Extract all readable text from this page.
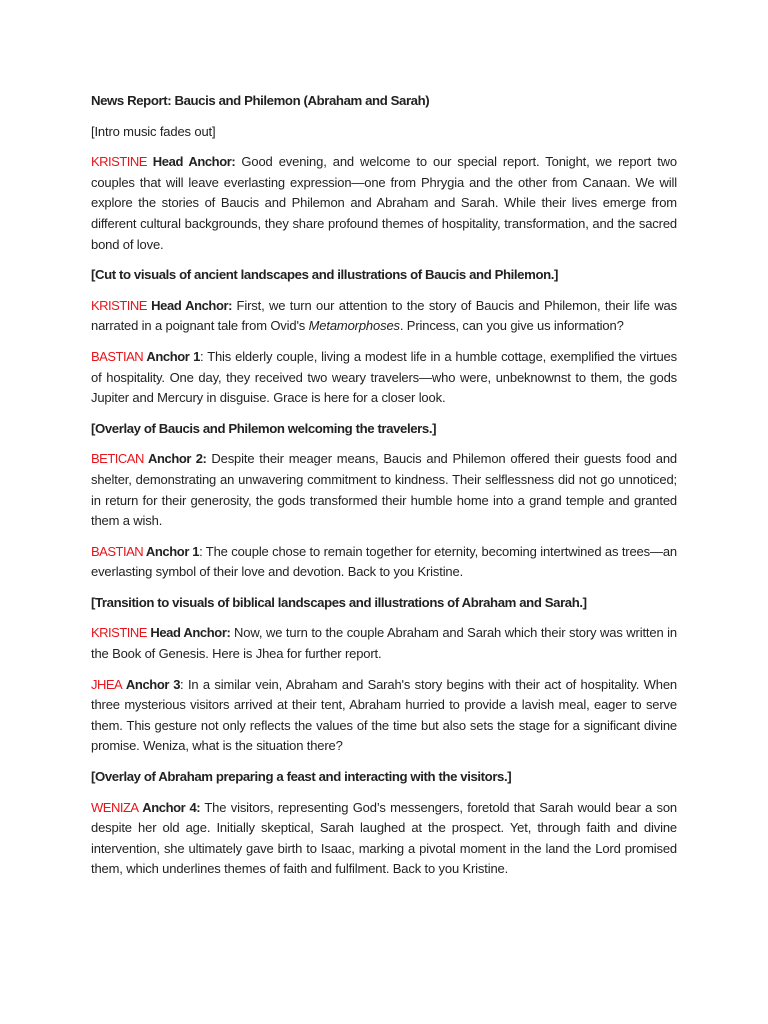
News Report: Baucis and Philemon (Abraham and Sarah)

[Intro music fades out]

KRISTINE Head Anchor: Good evening, and welcome to our special report. Tonight, we report two couples that will leave everlasting expression—one from Phrygia and the other from Canaan. We will explore the stories of Baucis and Philemon and Abraham and Sarah. While their lives emerge from different cultural backgrounds, they share profound themes of hospitality, transformation, and the sacred bond of love.

[Cut to visuals of ancient landscapes and illustrations of Baucis and Philemon.]

KRISTINE Head Anchor: First, we turn our attention to the story of Baucis and Philemon, their life was narrated in a poignant tale from Ovid's Metamorphoses. Princess, can you give us information?

BASTIAN Anchor 1: This elderly couple, living a modest life in a humble cottage, exemplified the virtues of hospitality. One day, they received two weary travelers—who were, unbeknownst to them, the gods Jupiter and Mercury in disguise. Grace is here for a closer look.

[Overlay of Baucis and Philemon welcoming the travelers.]

BETICAN Anchor 2: Despite their meager means, Baucis and Philemon offered their guests food and shelter, demonstrating an unwavering commitment to kindness. Their selflessness did not go unnoticed; in return for their generosity, the gods transformed their humble home into a grand temple and granted them a wish.

BASTIAN Anchor 1: The couple chose to remain together for eternity, becoming intertwined as trees—an everlasting symbol of their love and devotion. Back to you Kristine.

[Transition to visuals of biblical landscapes and illustrations of Abraham and Sarah.]

KRISTINE Head Anchor: Now, we turn to the couple Abraham and Sarah which their story was written in the Book of Genesis. Here is Jhea for further report.

JHEA Anchor 3: In a similar vein, Abraham and Sarah's story begins with their act of hospitality. When three mysterious visitors arrived at their tent, Abraham hurried to provide a lavish meal, eager to serve them. This gesture not only reflects the values of the time but also sets the stage for a significant divine promise. Weniza, what is the situation there?

[Overlay of Abraham preparing a feast and interacting with the visitors.]

WENIZA Anchor 4: The visitors, representing God’s messengers, foretold that Sarah would bear a son despite her old age. Initially skeptical, Sarah laughed at the prospect. Yet, through faith and divine intervention, she ultimately gave birth to Isaac, marking a pivotal moment in the land the Lord promised them, which underlines themes of faith and fulfilment. Back to you Kristine.
